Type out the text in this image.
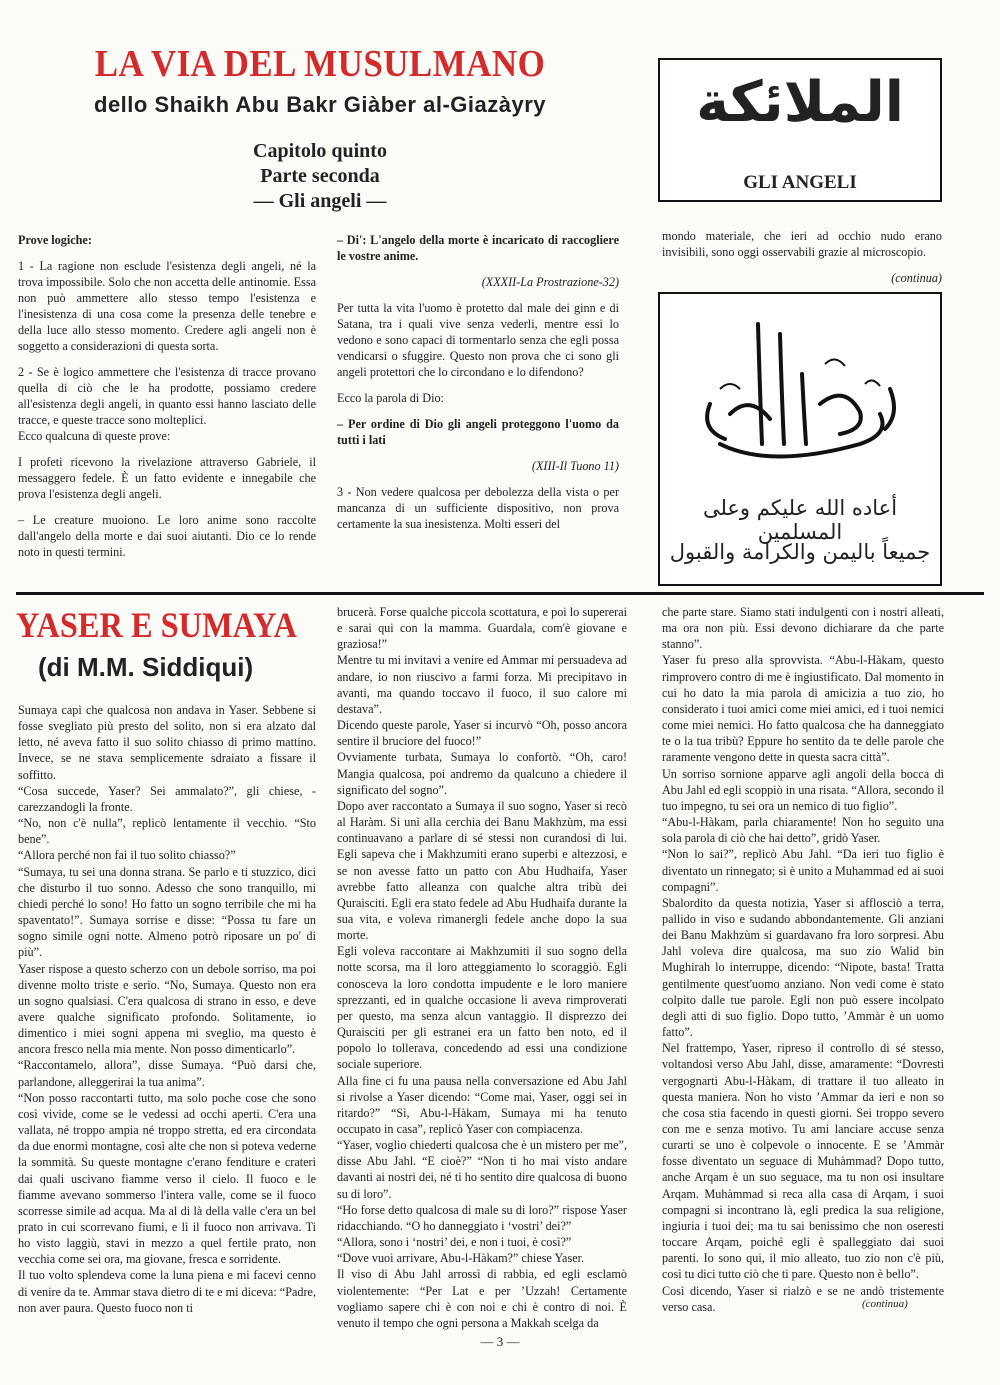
LA VIA DEL MUSULMANO
dello Shaikh Abu Bakr Giàber al-Giazàyry
Capitolo quinto
Parte seconda
— Gli angeli —
الملائكة
GLI ANGELI
أعاده الله عليكم وعلى المسلمين
جميعاً باليمن والكرامة والقبول

Prove logiche:

1 - La ragione non esclude l'esistenza degli angeli, né la trova impossibile. Solo che non accetta delle antinomie. Essa non può ammettere allo stesso tempo l'esistenza e l'inesistenza di una cosa come la presenza delle tenebre e della luce allo stesso momento. Credere agli angeli non è soggetto a considerazioni di questa sorta.

2 - Se è logico ammettere che l'esistenza di tracce provano quella di ciò che le ha prodotte, possiamo credere all'esistenza degli angeli, in quanto essi hanno lasciato delle tracce, e queste tracce sono molteplici.

Ecco qualcuna di queste prove:

I profeti ricevono la rivelazione attraverso Gabriele, il messaggero fedele. È un fatto evidente e innegabile che prova l'esistenza degli angeli.

– Le creature muoiono. Le loro anime sono raccolte dall'angelo della morte e dai suoi aiutanti. Dio ce lo rende noto in questi termini.

– Di': L'angelo della morte è incaricato di raccogliere le vostre anime.

(XXXII-La Prostrazione-32)

Per tutta la vita l'uomo è protetto dal male dei ginn e di Satana, tra i quali vive senza vederli, mentre essi lo vedono e sono capaci di tormentarlo senza che egli possa vendicarsi o sfuggire. Questo non prova che ci sono gli angeli protettori che lo circondano e lo difendono?

Ecco la parola di Dio:

– Per ordine di Dio gli angeli proteggono l'uomo da tutti i lati

(XIII-Il Tuono 11)

3 - Non vedere qualcosa per debolezza della vista o per mancanza di un sufficiente dispositivo, non prova certamente la sua inesistenza. Molti esseri del

mondo materiale, che ieri ad occhio nudo erano invisibili, sono oggi osservabili grazie al microscopio.

(continua)

YASER E SUMAYA
(di M.M. Siddiqui)

Sumaya capì che qualcosa non andava in Yaser. Sebbene si fosse svegliato più presto del solito, non si era alzato dal letto, né aveva fatto il suo solito chiasso di primo mattino. Invece, se ne stava semplicemente sdraiato a fissare il soffitto.

“Cosa succede, Yaser? Sei ammalato?”, gli chiese, - carezzandogli la fronte.

“No, non c'è nulla”, replicò lentamente il vecchio. “Sto bene”.

“Allora perché non fai il tuo solito chiasso?”

“Sumaya, tu sei una donna strana. Se parlo e ti stuzzico, dici che disturbo il tuo sonno. Adesso che sono tranquillo, mi chiedi perché lo sono! Ho fatto un sogno terribile che mi ha spaventato!”. Sumaya sorrise e disse: “Possa tu fare un sogno simile ogni notte. Almeno potrò riposare un po' di più”.

Yaser rispose a questo scherzo con un debole sorriso, ma poi divenne molto triste e serio. “No, Sumaya. Questo non era un sogno qualsiasi. C'era qualcosa di strano in esso, e deve avere qualche significato profondo. Solitamente, io dimentico i miei sogni appena mi sveglio, ma questo è ancora fresco nella mia mente. Non posso dimenticarlo”.

“Raccontamelo, allora”, disse Sumaya. “Può darsi che, parlandone, alleggerirai la tua anima”.

“Non posso raccontarti tutto, ma solo poche cose che sono così vivide, come se le vedessi ad occhi aperti. C'era una vallata, né troppo ampia né troppo stretta, ed era circondata da due enormi montagne, così alte che non si poteva vederne la sommità. Su queste montagne c'erano fenditure e crateri dai quali uscivano fiamme verso il cielo. Il fuoco e le fiamme avevano sommerso l'intera valle, come se il fuoco scorresse simile ad acqua. Ma al di là della valle c'era un bel prato in cui scorrevano fiumi, e lì il fuoco non arrivava. Ti ho visto laggiù, stavi in mezzo a quel fertile prato, non vecchia come sei ora, ma giovane, fresca e sorridente.

Il tuo volto splendeva come la luna piena e mi facevi cenno di venire da te. Ammar stava dietro di te e mi diceva: “Padre, non aver paura. Questo fuoco non ti

brucerà. Forse qualche piccola scottatura, e poi lo supererai e sarai qui con la mamma. Guardala, com'è giovane e graziosa!”

Mentre tu mi invitavi a venire ed Ammar mi persuadeva ad andare, io non riuscivo a farmi forza. Mi precipitavo in avanti, ma quando toccavo il fuoco, il suo calore mi destava”.

Dicendo queste parole, Yaser si incurvò “Oh, posso ancora sentire il bruciore del fuoco!”

Ovviamente turbata, Sumaya lo confortò. “Oh, caro! Mangia qualcosa, poi andremo da qualcuno a chiedere il significato del sogno”.

Dopo aver raccontato a Sumaya il suo sogno, Yaser si recò al Haràm. Si unì alla cerchia dei Banu Makhzùm, ma essi continuavano a parlare di sé stessi non curandosi di lui. Egli sapeva che i Makhzumiti erano superbi e altezzosi, e se non avesse fatto un patto con Abu Hudhaifa, Yaser avrebbe fatto alleanza con qualche altra tribù dei Quraisciti. Egli era stato fedele ad Abu Hudhaifa durante la sua vita, e voleva rimanergli fedele anche dopo la sua morte.

Egli voleva raccontare ai Makhzumiti il suo sogno della notte scorsa, ma il loro atteggiamento lo scoraggiò. Egli conosceva la loro condotta impudente e le loro maniere sprezzanti, ed in qualche occasione li aveva rimproverati per questo, ma senza alcun vantaggio. Il disprezzo dei Quraisciti per gli estranei era un fatto ben noto, ed il popolo lo tollerava, concedendo ad essi una condizione sociale superiore.

Alla fine ci fu una pausa nella conversazione ed Abu Jahl si rivolse a Yaser dicendo: “Come mai, Yaser, oggi sei in ritardo?” “Sì, Abu-l-Hàkam, Sumaya mi ha tenuto occupato in casa”, replicò Yaser con compiacenza.

“Yaser, voglio chiederti qualcosa che è un mistero per me”, disse Abu Jahl. “E cioè?” “Non ti ho mai visto andare davanti ai nostri dei, né ti ho sentito dire qualcosa di buono su di loro”.

“Ho forse detto qualcosa di male su di loro?” rispose Yaser ridacchiando. “O ho danneggiato i ‘vostri’ dei?”

“Allora, sono i ‘nostri’ dei, e non i tuoi, è così?”

“Dove vuoi arrivare, Abu-l-Hàkam?” chiese Yaser.

Il viso di Abu Jahl arrossì di rabbia, ed egli esclamò violentemente: “Per Lat e per ’Uzzah! Certamente vogliamo sapere chi è con noi e chi è contro di noi. È venuto il tempo che ogni persona a Makkah scelga da

che parte stare. Siamo stati indulgenti con i nostri alleati, ma ora non più. Essi devono dichiarare da che parte stanno”.

Yaser fu preso alla sprovvista. “Abu-l-Hàkam, questo rimprovero contro di me è ingiustificato. Dal momento in cui ho dato la mia parola di amicizia a tuo zio, ho considerato i tuoi amici come miei amici, ed i tuoi nemici come miei nemici. Ho fatto qualcosa che ha danneggiato te o la tua tribù? Eppure ho sentito da te delle parole che raramente vengono dette in questa sacra città”.

Un sorriso sornione apparve agli angoli della bocca di Abu Jahl ed egli scoppiò in una risata. “Allora, secondo il tuo impegno, tu sei ora un nemico di tuo figlio”.

“Abu-l-Hàkam, parla chiaramente! Non ho seguito una sola parola di ciò che hai detto”, gridò Yaser.

“Non lo sai?”, replicò Abu Jahl. “Da ieri tuo figlio è diventato un rinnegato; si è unito a Muhammad ed ai suoi compagni”.

Sbalordito da questa notizia, Yaser si afflosciò a terra, pallido in viso e sudando abbondantemente. Gli anziani dei Banu Makhzùm si guardavano fra loro sorpresi. Abu Jahl voleva dire qualcosa, ma suo zio Walid bin Mughirah lo interruppe, dicendo: “Nipote, basta! Tratta gentilmente quest'uomo anziano. Non vedi come è stato colpito dalle tue parole. Egli non può essere incolpato degli atti di suo figlio. Dopo tutto, ’Ammàr è un uomo fatto”.

Nel frattempo, Yaser, ripreso il controllo di sé stesso, voltandosi verso Abu Jahl, disse, amaramente: “Dovresti vergognarti Abu-l-Hàkam, di trattare il tuo alleato in questa maniera. Non ho visto ’Ammar da ieri e non so che cosa stia facendo in questi giorni. Sei troppo severo con me e senza motivo. Tu ami lanciare accuse senza curarti se uno è colpevole o innocente. E se ’Ammàr fosse diventato un seguace di Muhàmmad? Dopo tutto, anche Arqam è un suo seguace, ma tu non osi insultare Arqam. Muhàmmad si reca alla casa di Arqam, i suoi compagni si incontrano là, egli predica la sua religione, ingiuria i tuoi dei; ma tu sai benissimo che non oseresti toccare Arqam, poiché egli è spalleggiato dai suoi parenti. Io sono qui, il mio alleato, tuo zio non c'è più, così tu dici tutto ciò che ti pare. Questo non è bello”.

Così dicendo, Yaser si rialzò e se ne andò tristemente verso casa.	(continua)
— 3 —
